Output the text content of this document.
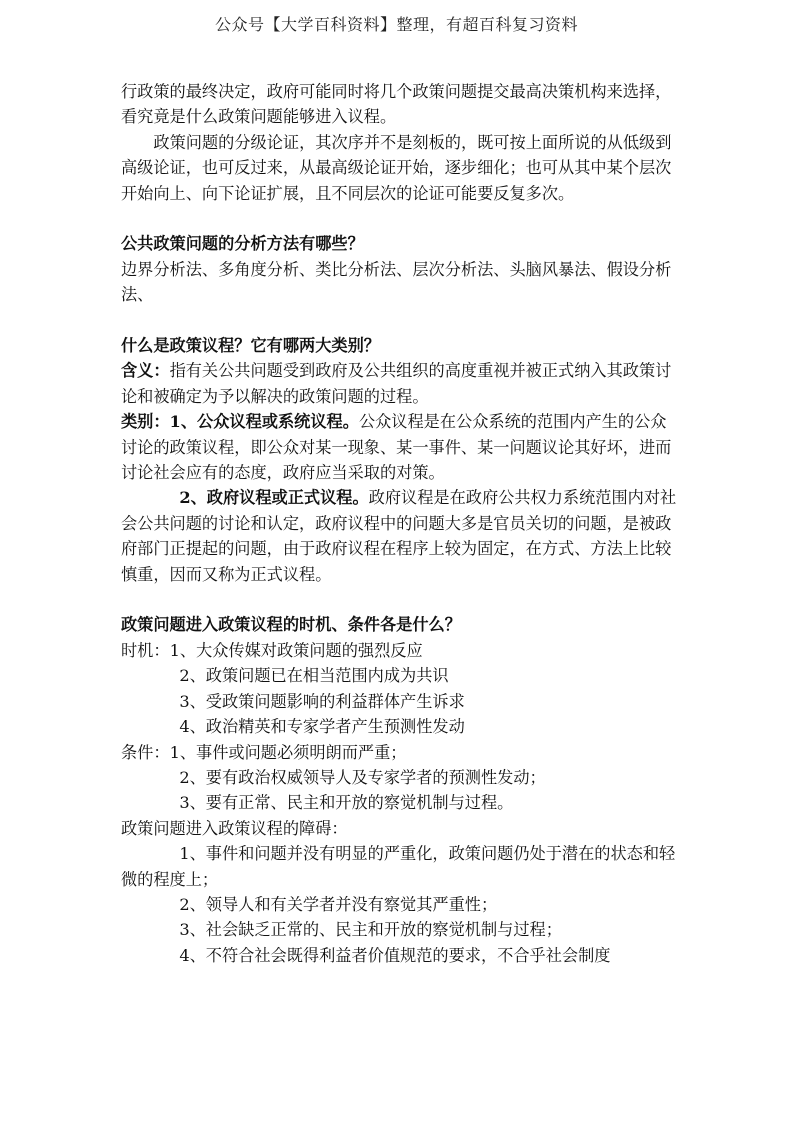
公众号【大学百科资料】整理，有超百科复习资料

行政策的最终决定，政府可能同时将几个政策问题提交最高决策机构来选择，看究竟是什么政策问题能够进入议程。

政策问题的分级论证，其次序并不是刻板的，既可按上面所说的从低级到高级论证，也可反过来，从最高级论证开始，逐步细化；也可从其中某个层次开始向上、向下论证扩展，且不同层次的论证可能要反复多次。

公共政策问题的分析方法有哪些？

边界分析法、多角度分析、类比分析法、层次分析法、头脑风暴法、假设分析法、

什么是政策议程？它有哪两大类别？

含义：指有关公共问题受到政府及公共组织的高度重视并被正式纳入其政策讨论和被确定为予以解决的政策问题的过程。

类别：1、公众议程或系统议程。公众议程是在公众系统的范围内产生的公众讨论的政策议程，即公众对某一现象、某一事件、某一问题议论其好坏，进而讨论社会应有的态度，政府应当采取的对策。

2、政府议程或正式议程。政府议程是在政府公共权力系统范围内对社会公共问题的讨论和认定，政府议程中的问题大多是官员关切的问题，是被政府部门正提起的问题，由于政府议程在程序上较为固定，在方式、方法上比较慎重，因而又称为正式议程。

政策问题进入政策议程的时机、条件各是什么？

时机：1、大众传媒对政策问题的强烈反应

2、政策问题已在相当范围内成为共识

3、受政策问题影响的利益群体产生诉求

4、政治精英和专家学者产生预测性发动

条件：1、事件或问题必须明朗而严重；

2、要有政治权威领导人及专家学者的预测性发动；

3、要有正常、民主和开放的察觉机制与过程。

政策问题进入政策议程的障碍：

1、事件和问题并没有明显的严重化，政策问题仍处于潜在的状态和轻微的程度上；

2、领导人和有关学者并没有察觉其严重性；

3、社会缺乏正常的、民主和开放的察觉机制与过程；

4、不符合社会既得利益者价值规范的要求，不合乎社会制度
